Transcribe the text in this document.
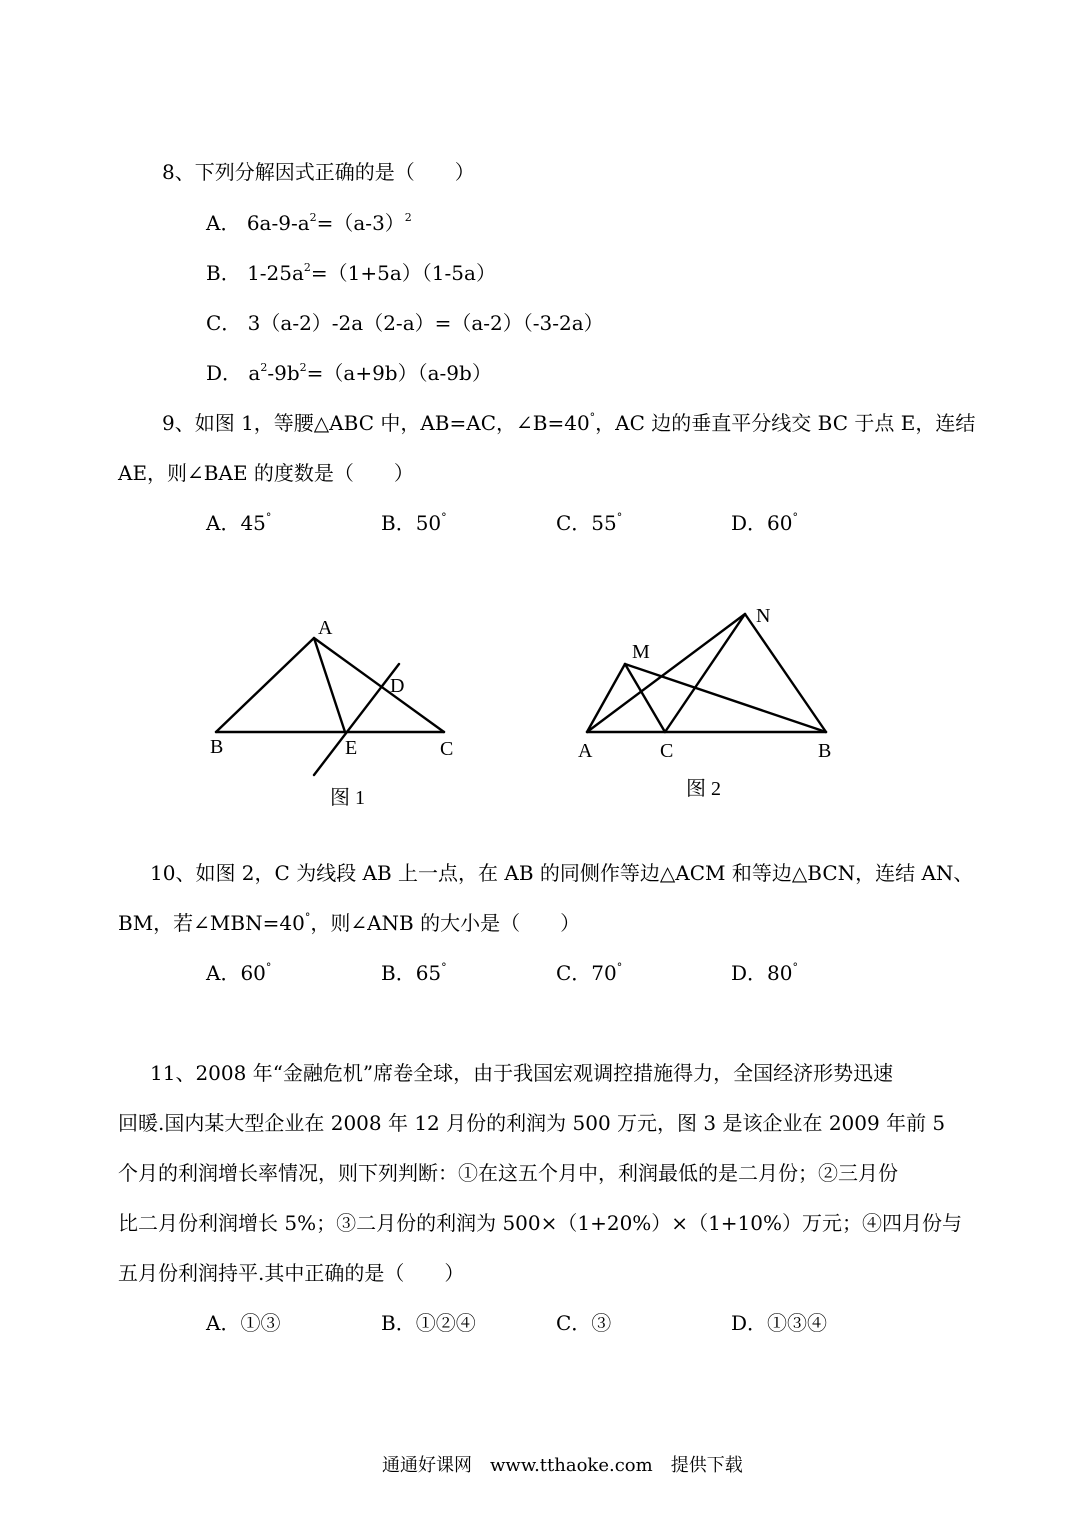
8、下列分解因式正确的是（　　）
A． $6a-9-a^2=(a-3)^2$
B． $1-25a^2=(1+5a)(1-5a)$
C． 3（a-2）-2a（2-a）=（a-2）（-3-2a）
D． $a^2-9b^2=(a+9b)(a-9b)$
9、如图 1，等腰△ABC 中，AB=AC，∠B=40°，AC 边的垂直平分线交 BC 于点 E，连结
AE，则∠BAE 的度数是（　　）
A．45°	B．50°	C．55°	D．60°
A
B	C
D
E
图 1
A	B
C
M
N
图 2
10、如图 2，C 为线段 AB 上一点，在 AB 的同侧作等边△ACM 和等边△BCN，连结 AN、
BM，若∠MBN=40°，则∠ANB 的大小是（　　）
A．60°	B．65°	C．70°	D．80°
11、2008 年“金融危机”席卷全球，由于我国宏观调控措施得力，全国经济形势迅速
回暖.国内某大型企业在 2008 年 12 月份的利润为 500 万元，图 3 是该企业在 2009 年前 5
个月的利润增长率情况，则下列判断：①在这五个月中，利润最低的是二月份；②三月份
比二月份利润增长 5%；③二月份的利润为 500×（1+20%）×（1+10%）万元；④四月份与
五月份利润持平.其中正确的是（　　）
A．①③	B．①②④	C．③	D．①③④
通通好课网　www.tthaoke.com　提供下载
